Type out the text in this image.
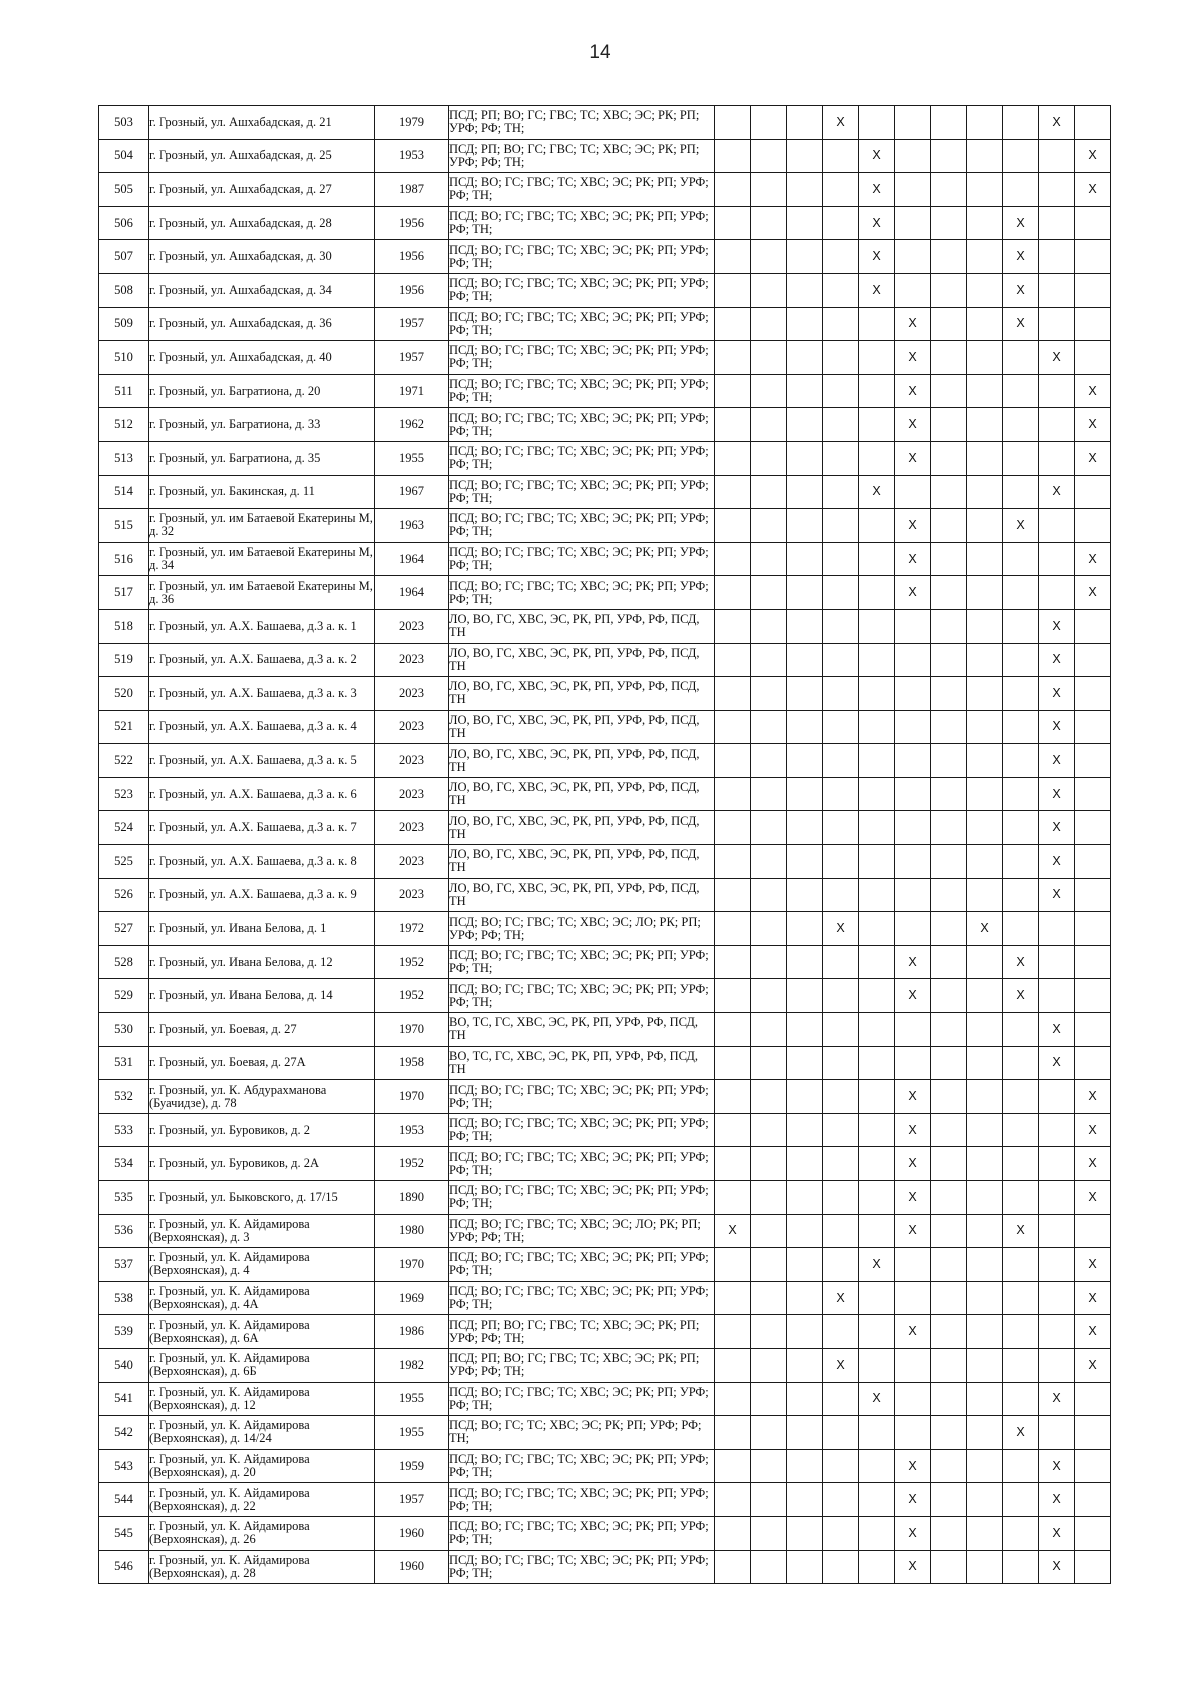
14
503	г. Грозный, ул. Ашхабадская, д. 21	1979	ПСД; РП; ВО; ГС; ГВС; ТС; ХВС; ЭС; РК; РП; УРФ; РФ; ТН;				X						X	
504	г. Грозный, ул. Ашхабадская, д. 25	1953	ПСД; РП; ВО; ГС; ГВС; ТС; ХВС; ЭС; РК; РП; УРФ; РФ; ТН;					X						X
505	г. Грозный, ул. Ашхабадская, д. 27	1987	ПСД; ВО; ГС; ГВС; ТС; ХВС; ЭС; РК; РП; УРФ; РФ; ТН;					X						X
506	г. Грозный, ул. Ашхабадская, д. 28	1956	ПСД; ВО; ГС; ГВС; ТС; ХВС; ЭС; РК; РП; УРФ; РФ; ТН;					X				X		
507	г. Грозный, ул. Ашхабадская, д. 30	1956	ПСД; ВО; ГС; ГВС; ТС; ХВС; ЭС; РК; РП; УРФ; РФ; ТН;					X				X		
508	г. Грозный, ул. Ашхабадская, д. 34	1956	ПСД; ВО; ГС; ГВС; ТС; ХВС; ЭС; РК; РП; УРФ; РФ; ТН;					X				X		
509	г. Грозный, ул. Ашхабадская, д. 36	1957	ПСД; ВО; ГС; ГВС; ТС; ХВС; ЭС; РК; РП; УРФ; РФ; ТН;						X			X		
510	г. Грозный, ул. Ашхабадская, д. 40	1957	ПСД; ВО; ГС; ГВС; ТС; ХВС; ЭС; РК; РП; УРФ; РФ; ТН;						X				X	
511	г. Грозный, ул. Багратиона, д. 20	1971	ПСД; ВО; ГС; ГВС; ТС; ХВС; ЭС; РК; РП; УРФ; РФ; ТН;						X					X
512	г. Грозный, ул. Багратиона, д. 33	1962	ПСД; ВО; ГС; ГВС; ТС; ХВС; ЭС; РК; РП; УРФ; РФ; ТН;						X					X
513	г. Грозный, ул. Багратиона, д. 35	1955	ПСД; ВО; ГС; ГВС; ТС; ХВС; ЭС; РК; РП; УРФ; РФ; ТН;						X					X
514	г. Грозный, ул. Бакинская, д. 11	1967	ПСД; ВО; ГС; ГВС; ТС; ХВС; ЭС; РК; РП; УРФ; РФ; ТН;					X					X	
515	г. Грозный, ул. им Батаевой Екатерины М, д. 32	1963	ПСД; ВО; ГС; ГВС; ТС; ХВС; ЭС; РК; РП; УРФ; РФ; ТН;						X			X		
516	г. Грозный, ул. им Батаевой Екатерины М, д. 34	1964	ПСД; ВО; ГС; ГВС; ТС; ХВС; ЭС; РК; РП; УРФ; РФ; ТН;						X					X
517	г. Грозный, ул. им Батаевой Екатерины М, д. 36	1964	ПСД; ВО; ГС; ГВС; ТС; ХВС; ЭС; РК; РП; УРФ; РФ; ТН;						X					X
518	г. Грозный, ул. А.Х. Башаева, д.3 а. к. 1	2023	ЛО, ВО, ГС, ХВС, ЭС, РК, РП, УРФ, РФ, ПСД, ТН										X	
519	г. Грозный, ул. А.Х. Башаева, д.3 а. к. 2	2023	ЛО, ВО, ГС, ХВС, ЭС, РК, РП, УРФ, РФ, ПСД, ТН										X	
520	г. Грозный, ул. А.Х. Башаева, д.3 а. к. 3	2023	ЛО, ВО, ГС, ХВС, ЭС, РК, РП, УРФ, РФ, ПСД, ТН										X	
521	г. Грозный, ул. А.Х. Башаева, д.3 а. к. 4	2023	ЛО, ВО, ГС, ХВС, ЭС, РК, РП, УРФ, РФ, ПСД, ТН										X	
522	г. Грозный, ул. А.Х. Башаева, д.3 а. к. 5	2023	ЛО, ВО, ГС, ХВС, ЭС, РК, РП, УРФ, РФ, ПСД, ТН										X	
523	г. Грозный, ул. А.Х. Башаева, д.3 а. к. 6	2023	ЛО, ВО, ГС, ХВС, ЭС, РК, РП, УРФ, РФ, ПСД, ТН										X	
524	г. Грозный, ул. А.Х. Башаева, д.3 а. к. 7	2023	ЛО, ВО, ГС, ХВС, ЭС, РК, РП, УРФ, РФ, ПСД, ТН										X	
525	г. Грозный, ул. А.Х. Башаева, д.3 а. к. 8	2023	ЛО, ВО, ГС, ХВС, ЭС, РК, РП, УРФ, РФ, ПСД, ТН										X	
526	г. Грозный, ул. А.Х. Башаева, д.3 а. к. 9	2023	ЛО, ВО, ГС, ХВС, ЭС, РК, РП, УРФ, РФ, ПСД, ТН										X	
527	г. Грозный, ул. Ивана Белова, д. 1	1972	ПСД; ВО; ГС; ГВС; ТС; ХВС; ЭС; ЛО; РК; РП; УРФ; РФ; ТН;				X				X			
528	г. Грозный, ул. Ивана Белова, д. 12	1952	ПСД; ВО; ГС; ГВС; ТС; ХВС; ЭС; РК; РП; УРФ; РФ; ТН;						X			X		
529	г. Грозный, ул. Ивана Белова, д. 14	1952	ПСД; ВО; ГС; ГВС; ТС; ХВС; ЭС; РК; РП; УРФ; РФ; ТН;						X			X		
530	г. Грозный, ул. Боевая, д. 27	1970	ВО, ТС, ГС, ХВС, ЭС, РК, РП, УРФ, РФ, ПСД, ТН										X	
531	г. Грозный, ул. Боевая, д. 27А	1958	ВО, ТС, ГС, ХВС, ЭС, РК, РП, УРФ, РФ, ПСД, ТН										X	
532	г. Грозный, ул. К. Абдурахманова (Буачидзе), д. 78	1970	ПСД; ВО; ГС; ГВС; ТС; ХВС; ЭС; РК; РП; УРФ; РФ; ТН;						X					X
533	г. Грозный, ул. Буровиков, д. 2	1953	ПСД; ВО; ГС; ГВС; ТС; ХВС; ЭС; РК; РП; УРФ; РФ; ТН;						X					X
534	г. Грозный, ул. Буровиков, д. 2А	1952	ПСД; ВО; ГС; ГВС; ТС; ХВС; ЭС; РК; РП; УРФ; РФ; ТН;						X					X
535	г. Грозный, ул. Быковского, д. 17/15	1890	ПСД; ВО; ГС; ГВС; ТС; ХВС; ЭС; РК; РП; УРФ; РФ; ТН;						X					X
536	г. Грозный, ул. К. Айдамирова (Верхоянская), д. 3	1980	ПСД; ВО; ГС; ГВС; ТС; ХВС; ЭС; ЛО; РК; РП; УРФ; РФ; ТН;	X					X			X		
537	г. Грозный, ул. К. Айдамирова (Верхоянская), д. 4	1970	ПСД; ВО; ГС; ГВС; ТС; ХВС; ЭС; РК; РП; УРФ; РФ; ТН;					X						X
538	г. Грозный, ул. К. Айдамирова (Верхоянская), д. 4А	1969	ПСД; ВО; ГС; ГВС; ТС; ХВС; ЭС; РК; РП; УРФ; РФ; ТН;				X							X
539	г. Грозный, ул. К. Айдамирова (Верхоянская), д. 6А	1986	ПСД; РП; ВО; ГС; ГВС; ТС; ХВС; ЭС; РК; РП; УРФ; РФ; ТН;						X					X
540	г. Грозный, ул. К. Айдамирова (Верхоянская), д. 6Б	1982	ПСД; РП; ВО; ГС; ГВС; ТС; ХВС; ЭС; РК; РП; УРФ; РФ; ТН;				X							X
541	г. Грозный, ул. К. Айдамирова (Верхоянская), д. 12	1955	ПСД; ВО; ГС; ГВС; ТС; ХВС; ЭС; РК; РП; УРФ; РФ; ТН;					X					X	
542	г. Грозный, ул. К. Айдамирова (Верхоянская), д. 14/24	1955	ПСД; ВО; ГС; ТС; ХВС; ЭС; РК; РП; УРФ; РФ; ТН;									X		
543	г. Грозный, ул. К. Айдамирова (Верхоянская), д. 20	1959	ПСД; ВО; ГС; ГВС; ТС; ХВС; ЭС; РК; РП; УРФ; РФ; ТН;						X				X	
544	г. Грозный, ул. К. Айдамирова (Верхоянская), д. 22	1957	ПСД; ВО; ГС; ГВС; ТС; ХВС; ЭС; РК; РП; УРФ; РФ; ТН;						X				X	
545	г. Грозный, ул. К. Айдамирова (Верхоянская), д. 26	1960	ПСД; ВО; ГС; ГВС; ТС; ХВС; ЭС; РК; РП; УРФ; РФ; ТН;						X				X	
546	г. Грозный, ул. К. Айдамирова (Верхоянская), д. 28	1960	ПСД; ВО; ГС; ГВС; ТС; ХВС; ЭС; РК; РП; УРФ; РФ; ТН;						X				X	
